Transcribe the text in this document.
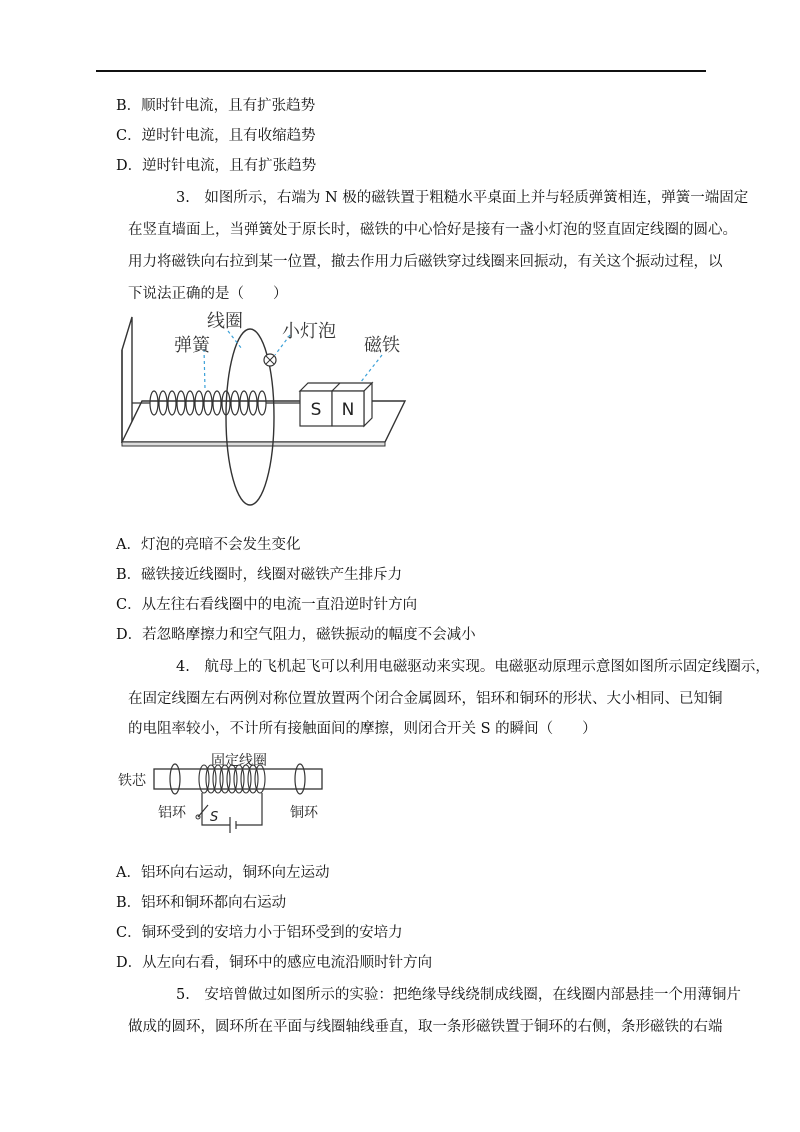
B．顺时针电流，且有扩张趋势
C．逆时针电流，且有收缩趋势
D．逆时针电流，且有扩张趋势
3.　如图所示，右端为 N 极的磁铁置于粗糙水平桌面上并与轻质弹簧相连，弹簧一端固定
在竖直墙面上，当弹簧处于原长时，磁铁的中心恰好是接有一盏小灯泡的竖直固定线圈的圆心。
用力将磁铁向右拉到某一位置，撤去作用力后磁铁穿过线圈来回振动，有关这个振动过程，以
下说法正确的是（　　）
S N
线圈
弹簧
小灯泡
磁铁
A．灯泡的亮暗不会发生变化
B．磁铁接近线圈时，线圈对磁铁产生排斥力
C．从左往右看线圈中的电流一直沿逆时针方向
D．若忽略摩擦力和空气阻力，磁铁振动的幅度不会减小
4.　航母上的飞机起飞可以利用电磁驱动来实现。电磁驱动原理示意图如图所示固定线圈示，
在固定线圈左右两例对称位置放置两个闭合金属圆环，铝环和铜环的形状、大小相同、已知铜
的电阻率较小，不计所有接触面间的摩擦，则闭合开关 S 的瞬间（　　）
固定线圈
铁芯
铝环	铜环
S
A．铝环向右运动，铜环向左运动
B．铝环和铜环都向右运动
C．铜环受到的安培力小于铝环受到的安培力
D．从左向右看，铜环中的感应电流沿顺时针方向
5.　安培曾做过如图所示的实验：把绝缘导线绕制成线圈，在线圈内部悬挂一个用薄铜片
做成的圆环，圆环所在平面与线圈轴线垂直，取一条形磁铁置于铜环的右侧，条形磁铁的右端
